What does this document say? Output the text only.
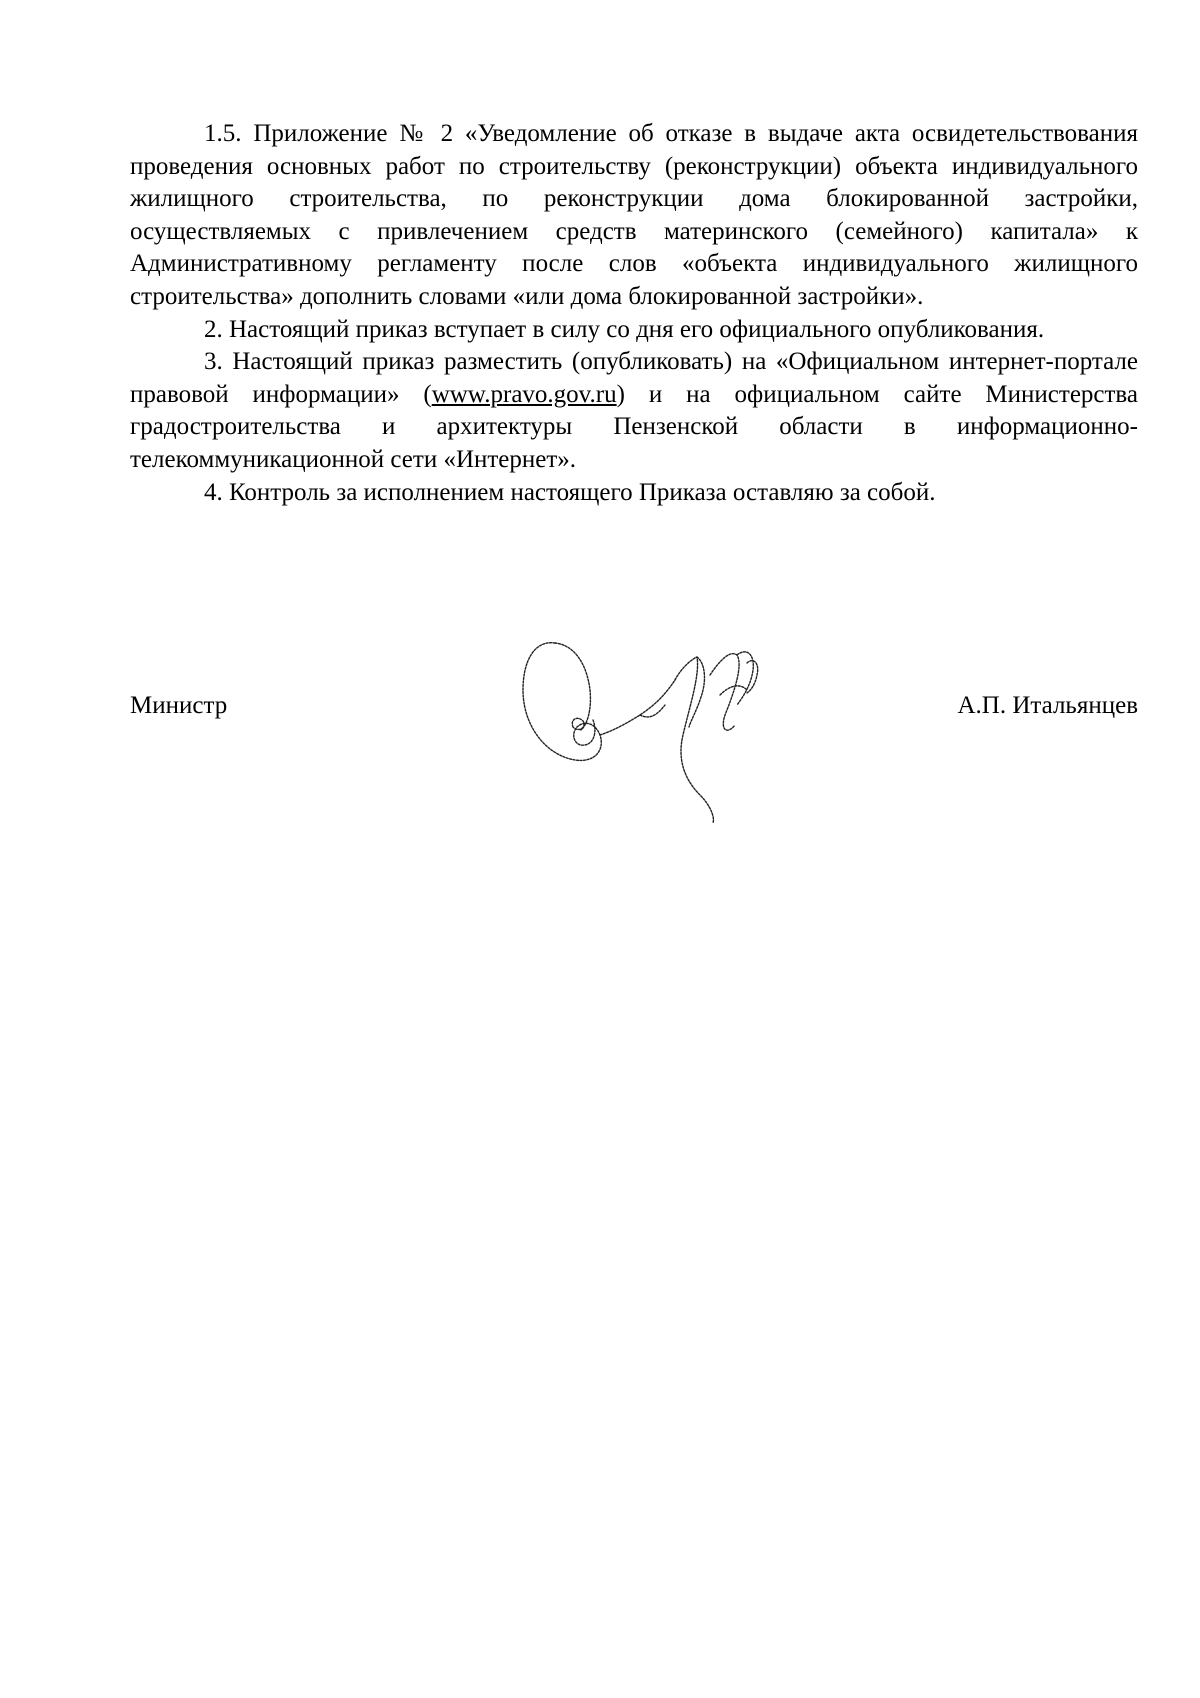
1.5. Приложение № 2 «Уведомление об отказе в выдаче акта освидетельствования проведения основных работ по строительству (реконструкции) объекта индивидуального жилищного строительства, по реконструкции дома блокированной застройки, осуществляемых с привлечением средств материнского (семейного) капитала» к Административному регламенту после слов «объекта индивидуального жилищного строительства» дополнить словами «или дома блокированной застройки».

2. Настоящий приказ вступает в силу со дня его официального опубликования.

3. Настоящий приказ разместить (опубликовать) на «Официальном интернет-портале правовой информации» (www.pravo.gov.ru) и на официальном сайте Министерства градостроительства и архитектуры Пензенской области в информационно-телекоммуникационной сети «Интернет».

4. Контроль за исполнением настоящего Приказа оставляю за собой.

Министр	А.П. Итальянцев
